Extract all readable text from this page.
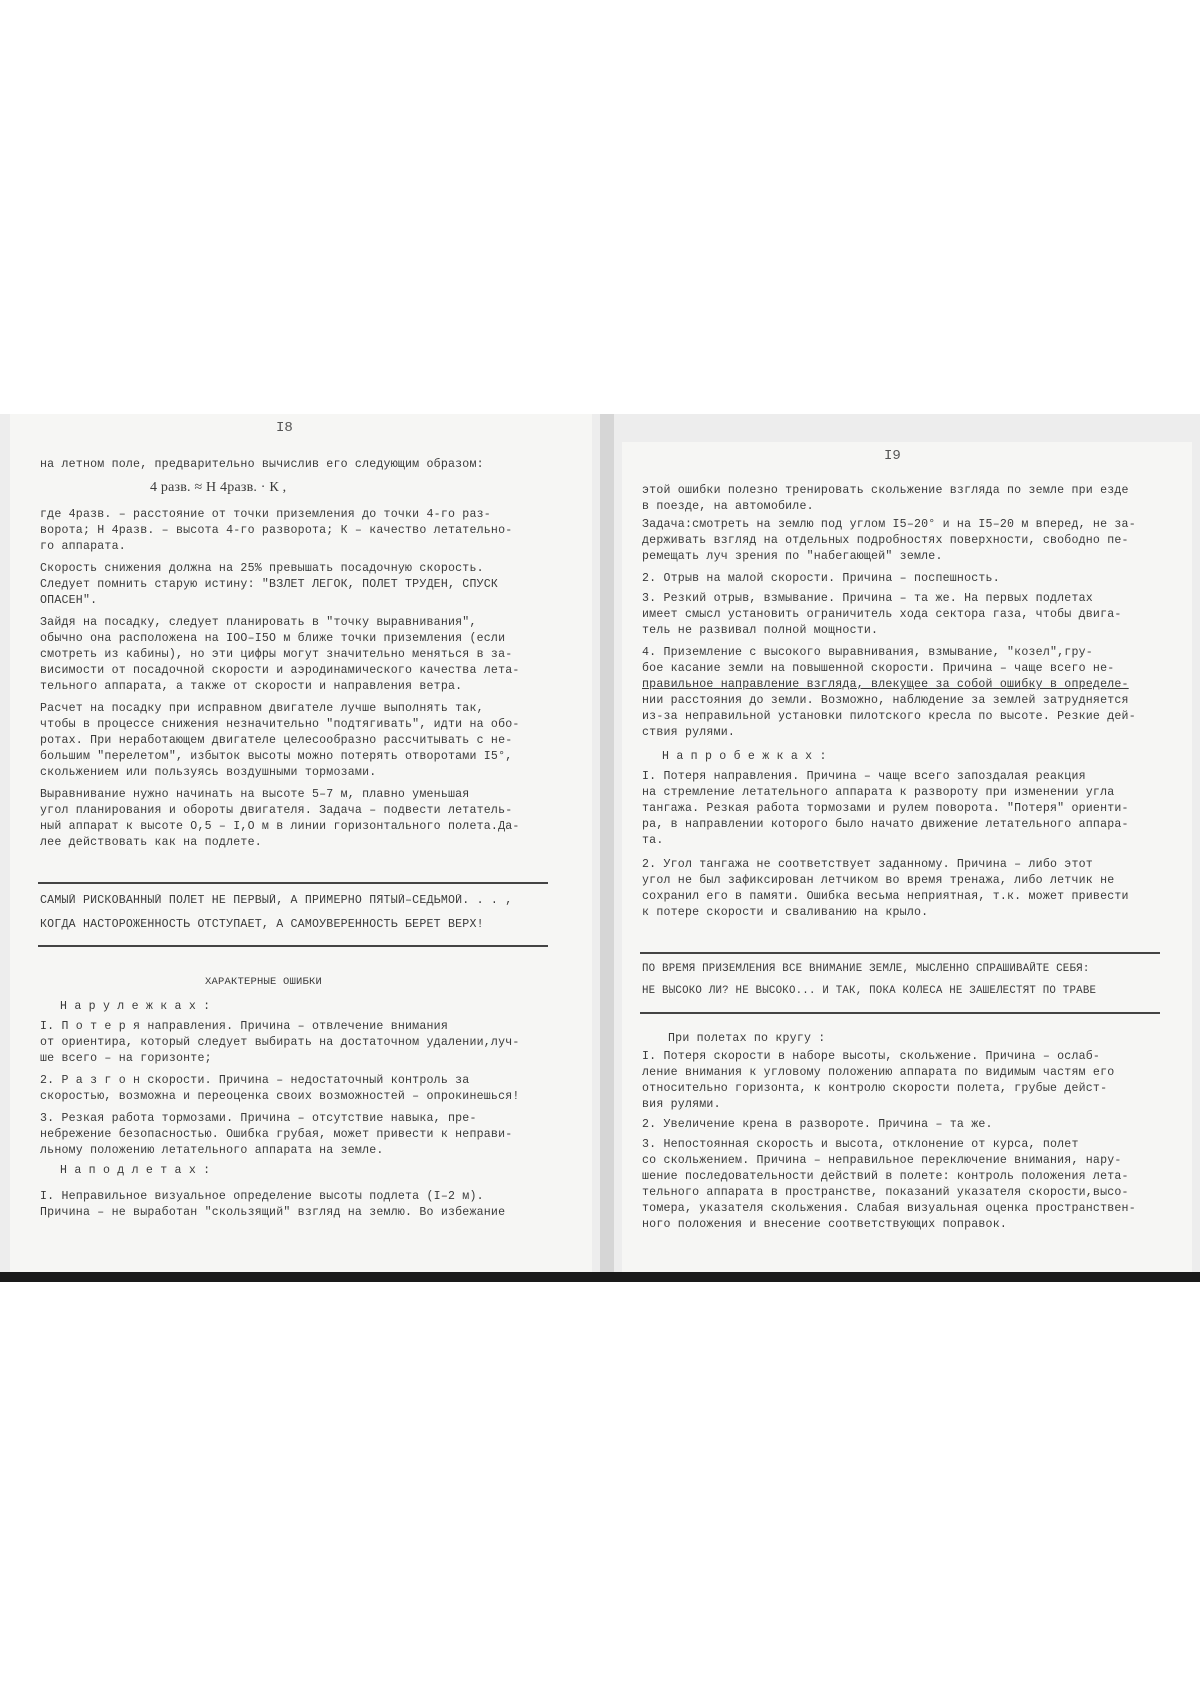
I8
на летном поле, предварительно вычислив его следующим образом:
4 разв. ≈ Н 4разв. · К ,
где 4разв. – расстояние от точки приземления до точки 4-го раз-
ворота; Н 4разв. – высота 4-го разворота; К – качество летательно-
го аппарата.
Скорость снижения должна на 25% превышать посадочную скорость.
Следует помнить старую истину: "ВЗЛЕТ ЛЕГОК, ПОЛЕТ ТРУДЕН, СПУСК
ОПАСЕН".
Зайдя на посадку, следует планировать в "точку выравнивания",
обычно она расположена на IOO–I5O м ближе точки приземления (если
смотреть из кабины), но эти цифры могут значительно меняться в за-
висимости от посадочной скорости и аэродинамического качества лета-
тельного аппарата, а также от скорости и направления ветра.
Расчет на посадку при исправном двигателе лучше выполнять так,
чтобы в процессе снижения незначительно "подтягивать", идти на обо-
ротах. При неработающем двигателе целесообразно рассчитывать с не-
большим "перелетом", избыток высоты можно потерять отворотами I5°,
скольжением или пользуясь воздушными тормозами.
Выравнивание нужно начинать на высоте 5–7 м, плавно уменьшая
угол планирования и обороты двигателя. Задача – подвести летатель-
ный аппарат к высоте О,5 – I,О м в линии горизонтального полета.Да-
лее действовать как на подлете.
САМЫЙ РИСКОВАННЫЙ ПОЛЕТ НЕ ПЕРВЫЙ, А ПРИМЕРНО ПЯТЫЙ–СЕДЬМОЙ. . . ,
КОГДА НАСТОРОЖЕННОСТЬ ОТСТУПАЕТ, А САМОУВЕРЕННОСТЬ БЕРЕТ ВЕРХ!
ХАРАКТЕРНЫЕ ОШИБКИ
Н а р у л е ж к а х :
I. П о т е р я направления. Причина – отвлечение внимания
от ориентира, который следует выбирать на достаточном удалении,луч-
ше всего – на горизонте;
2. Р а з г о н скорости. Причина – недостаточный контроль за
скоростью, возможна и переоценка своих возможностей – опрокинешься!
3. Резкая работа тормозами. Причина – отсутствие навыка, пре-
небрежение безопасностью. Ошибка грубая, может привести к неправи-
льному положению летательного аппарата на земле.
Н а п о д л е т а х :
I. Неправильное визуальное определение высоты подлета (I–2 м).
Причина – не выработан "скользящий" взгляд на землю. Во избежание
I9
этой ошибки полезно тренировать скольжение взгляда по земле при езде
в поезде, на автомобиле.
Задача:смотреть на землю под углом I5–20° и на I5–20 м вперед, не за-
держивать взгляд на отдельных подробностях поверхности, свободно пе-
ремещать луч зрения по "набегающей" земле.
2. Отрыв на малой скорости. Причина – поспешность.
3. Резкий отрыв, взмывание. Причина – та же. На первых подлетах
имеет смысл установить ограничитель хода сектора газа, чтобы двига-
тель не развивал полной мощности.
4. Приземление с высокого выравнивания, взмывание, "козел",гру-
бое касание земли на повышенной скорости. Причина – чаще всего не-
правильное направление взгляда, влекущее за собой ошибку в определе-
нии расстояния до земли. Возможно, наблюдение за землей затрудняется
из-за неправильной установки пилотского кресла по высоте. Резкие дей-
ствия рулями.
Н а п р о б е ж к а х :
I. Потеря направления. Причина – чаще всего запоздалая реакция
на стремление летательного аппарата к развороту при изменении угла
тангажа. Резкая работа тормозами и рулем поворота. "Потеря" ориенти-
ра, в направлении которого было начато движение летательного аппара-
та.
2. Угол тангажа не соответствует заданному. Причина – либо этот
угол не был зафиксирован летчиком во время тренажа, либо летчик не
сохранил его в памяти. Ошибка весьма неприятная, т.к. может привести
к потере скорости и сваливанию на крыло.
ПО ВРЕМЯ ПРИЗЕМЛЕНИЯ ВСЕ ВНИМАНИЕ ЗЕМЛЕ, МЫСЛЕННО СПРАШИВАЙТЕ СЕБЯ:
НЕ ВЫСОКО ЛИ? НЕ ВЫСОКО... И ТАК, ПОКА КОЛЕСА НЕ ЗАШЕЛЕСТЯТ ПО ТРАВЕ
При полетах по кругу :
I. Потеря скорости в наборе высоты, скольжение. Причина – ослаб-
ление внимания к угловому положению аппарата по видимым частям его
относительно горизонта, к контролю скорости полета, грубые дейст-
вия рулями.
2. Увеличение крена в развороте. Причина – та же.
3. Непостоянная скорость и высота, отклонение от курса, полет
со скольжением. Причина – неправильное переключение внимания, нару-
шение последовательности действий в полете: контроль положения лета-
тельного аппарата в пространстве, показаний указателя скорости,высо-
томера, указателя скольжения. Слабая визуальная оценка пространствен-
ного положения и внесение соответствующих поправок.
